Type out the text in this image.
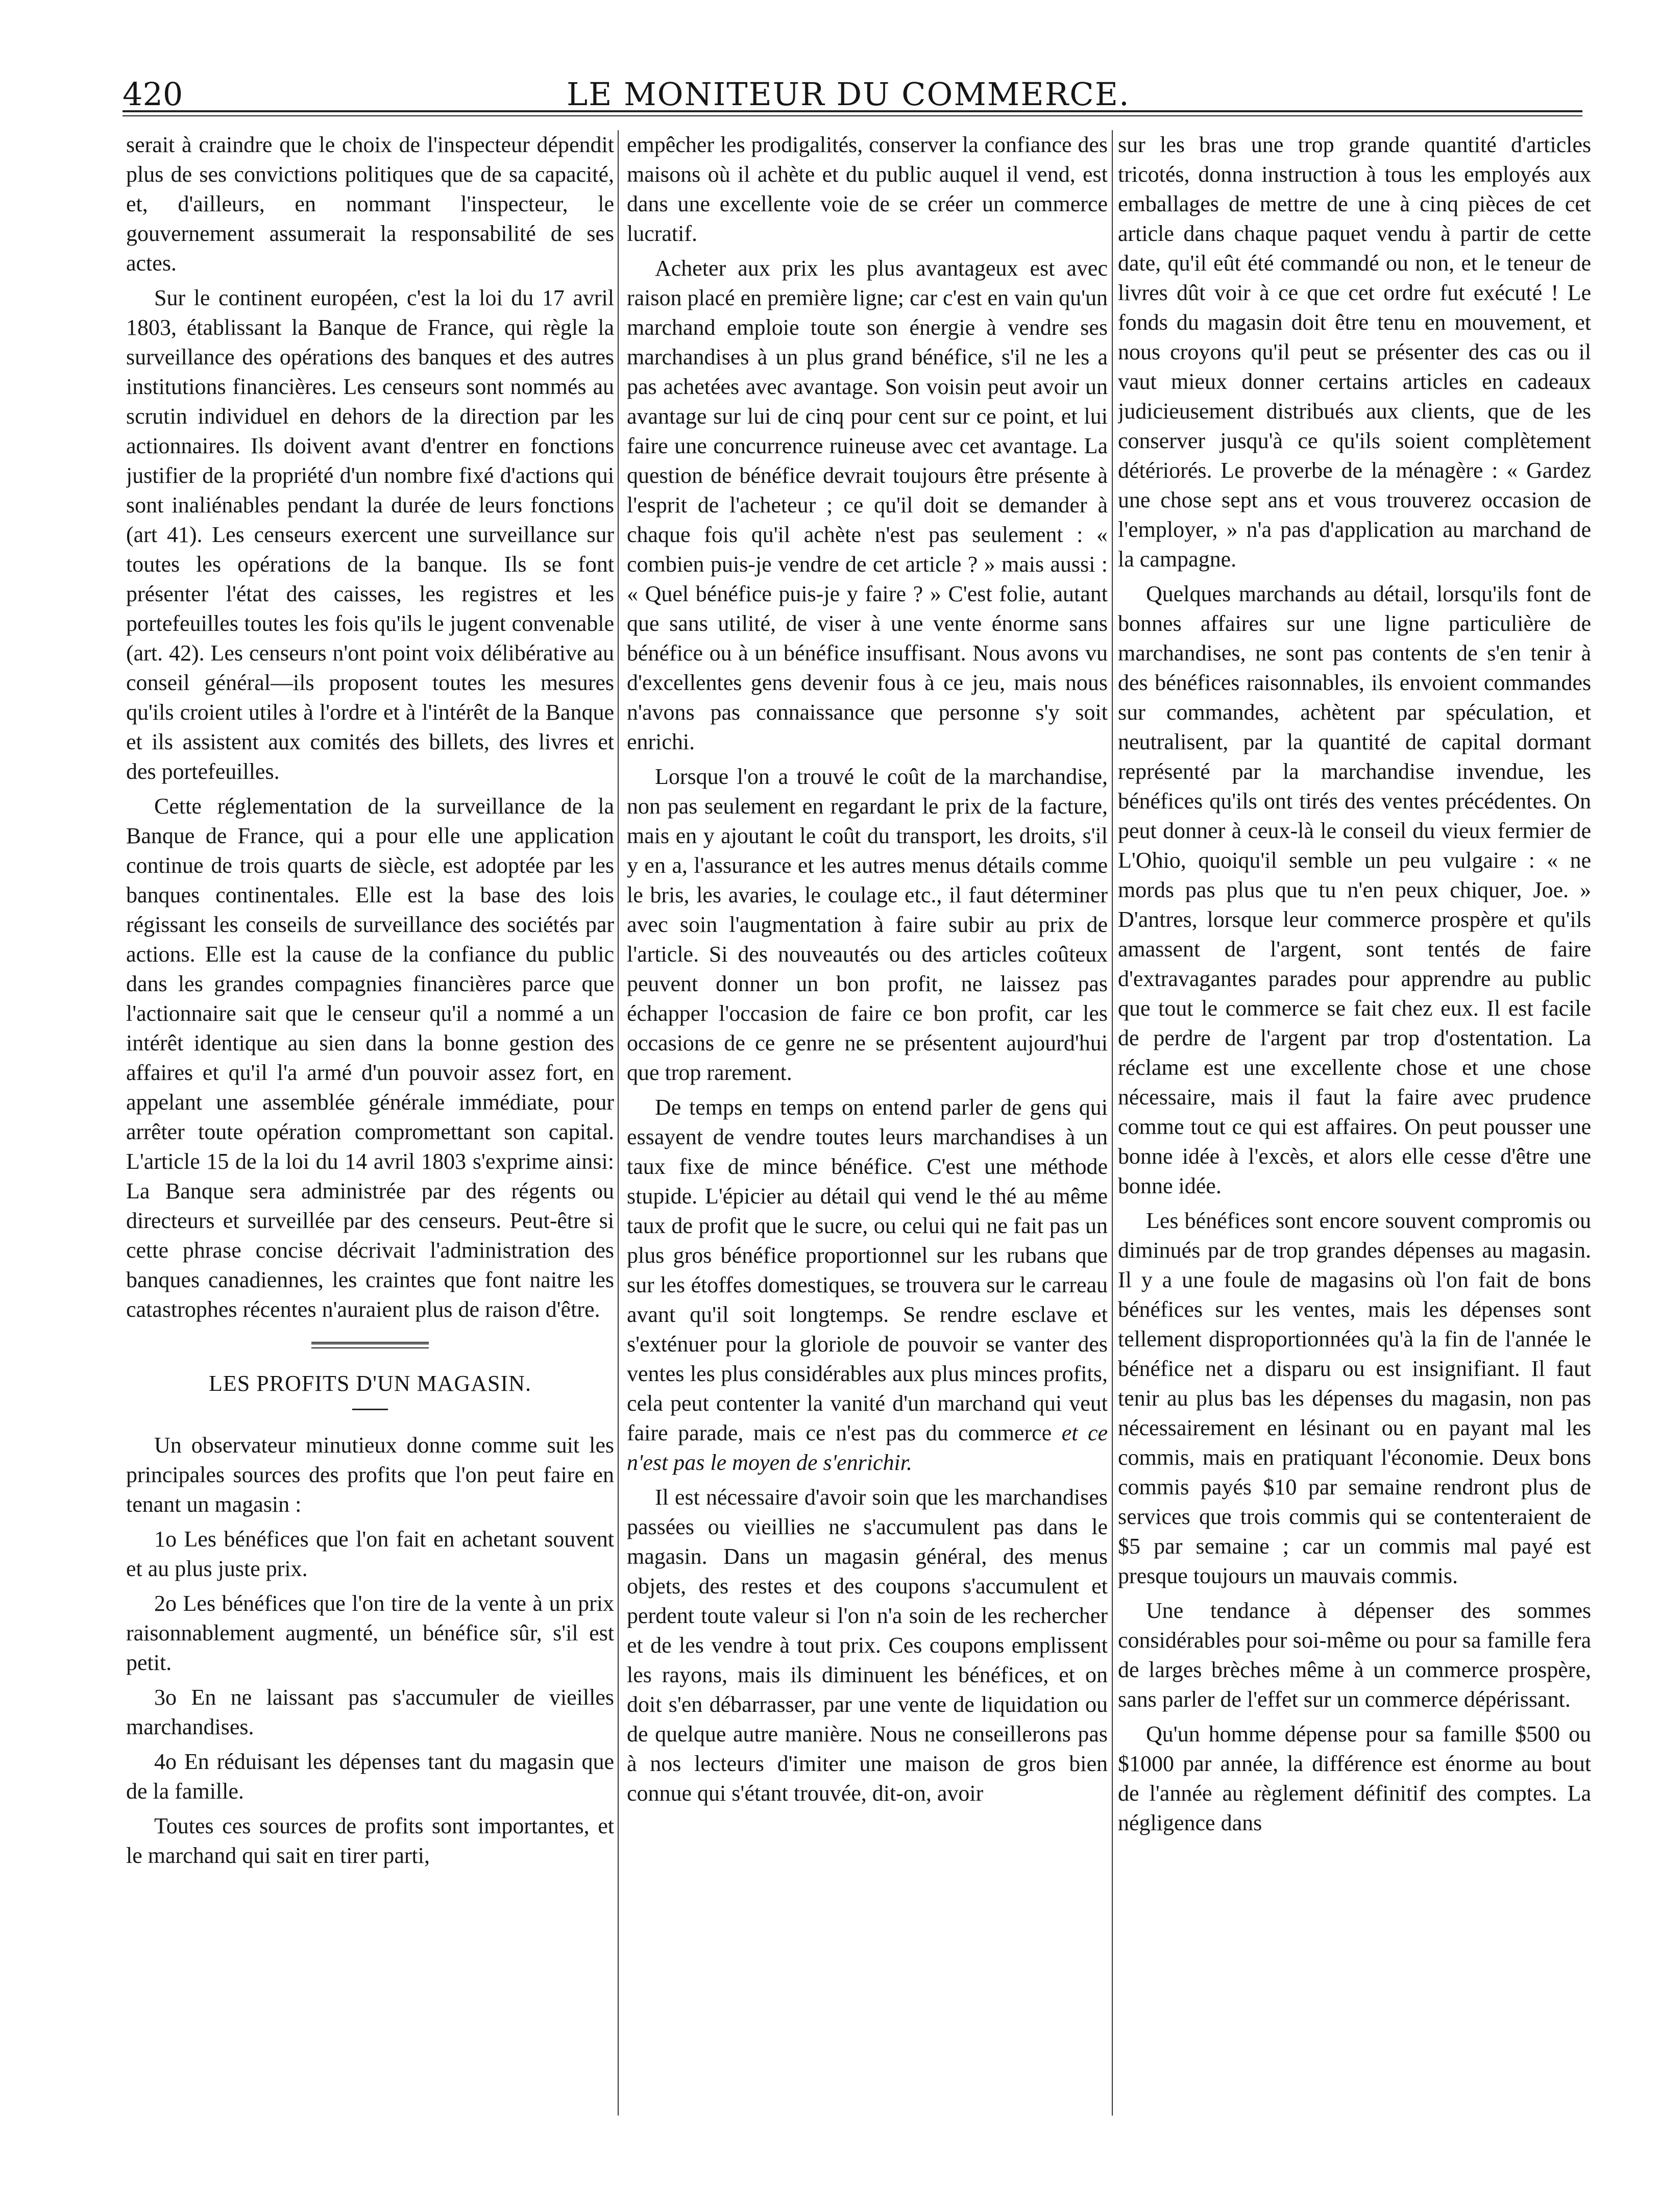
420	LE MONITEUR DU COMMERCE.

serait à craindre que le choix de l'inspecteur dépendit plus de ses convictions politiques que de sa capacité, et, d'ailleurs, en nommant l'inspecteur, le gouvernement assumerait la responsabilité de ses actes.

Sur le continent européen, c'est la loi du 17 avril 1803, établissant la Banque de France, qui règle la surveillance des opérations des banques et des autres institutions financières. Les censeurs sont nommés au scrutin individuel en dehors de la direction par les actionnaires. Ils doivent avant d'entrer en fonctions justifier de la propriété d'un nombre fixé d'actions qui sont inaliénables pendant la durée de leurs fonctions (art 41). Les censeurs exercent une surveillance sur toutes les opérations de la banque. Ils se font présenter l'état des caisses, les registres et les portefeuilles toutes les fois qu'ils le jugent convenable (art. 42). Les censeurs n'ont point voix délibérative au conseil général—ils proposent toutes les mesures qu'ils croient utiles à l'ordre et à l'intérêt de la Banque et ils assistent aux comités des billets, des livres et des portefeuilles.

Cette réglementation de la surveillance de la Banque de France, qui a pour elle une application continue de trois quarts de siècle, est adoptée par les banques continentales. Elle est la base des lois régissant les conseils de surveillance des sociétés par actions. Elle est la cause de la confiance du public dans les grandes compagnies financières parce que l'actionnaire sait que le censeur qu'il a nommé a un intérêt identique au sien dans la bonne gestion des affaires et qu'il l'a armé d'un pouvoir assez fort, en appelant une assemblée générale immédiate, pour arrêter toute opération compromettant son capital. L'article 15 de la loi du 14 avril 1803 s'exprime ainsi: La Banque sera administrée par des régents ou directeurs et surveillée par des censeurs. Peut-être si cette phrase concise décrivait l'administration des banques canadiennes, les craintes que font naitre les catastrophes récentes n'auraient plus de raison d'être.

LES PROFITS D'UN MAGASIN.

Un observateur minutieux donne comme suit les principales sources des profits que l'on peut faire en tenant un magasin :

1o Les bénéfices que l'on fait en achetant souvent et au plus juste prix.

2o Les bénéfices que l'on tire de la vente à un prix raisonnablement augmenté, un bénéfice sûr, s'il est petit.

3o En ne laissant pas s'accumuler de vieilles marchandises.

4o En réduisant les dépenses tant du magasin que de la famille.

Toutes ces sources de profits sont importantes, et le marchand qui sait en tirer parti,

empêcher les prodigalités, conserver la confiance des maisons où il achète et du public auquel il vend, est dans une excellente voie de se créer un commerce lucratif.

Acheter aux prix les plus avantageux est avec raison placé en première ligne; car c'est en vain qu'un marchand emploie toute son énergie à vendre ses marchandises à un plus grand bénéfice, s'il ne les a pas achetées avec avantage. Son voisin peut avoir un avantage sur lui de cinq pour cent sur ce point, et lui faire une concurrence ruineuse avec cet avantage. La question de bénéfice devrait toujours être présente à l'esprit de l'acheteur ; ce qu'il doit se demander à chaque fois qu'il achète n'est pas seulement : « combien puis-je vendre de cet article ? » mais aussi : « Quel bénéfice puis-je y faire ? » C'est folie, autant que sans utilité, de viser à une vente énorme sans bénéfice ou à un bénéfice insuffisant. Nous avons vu d'excellentes gens devenir fous à ce jeu, mais nous n'avons pas connaissance que personne s'y soit enrichi.

Lorsque l'on a trouvé le coût de la marchandise, non pas seulement en regardant le prix de la facture, mais en y ajoutant le coût du transport, les droits, s'il y en a, l'assurance et les autres menus détails comme le bris, les avaries, le coulage etc., il faut déterminer avec soin l'augmentation à faire subir au prix de l'article. Si des nouveautés ou des articles coûteux peuvent donner un bon profit, ne laissez pas échapper l'occasion de faire ce bon profit, car les occasions de ce genre ne se présentent aujourd'hui que trop rarement.

De temps en temps on entend parler de gens qui essayent de vendre toutes leurs marchandises à un taux fixe de mince bénéfice. C'est une méthode stupide. L'épicier au détail qui vend le thé au même taux de profit que le sucre, ou celui qui ne fait pas un plus gros bénéfice proportionnel sur les rubans que sur les étoffes domestiques, se trouvera sur le carreau avant qu'il soit longtemps. Se rendre esclave et s'exténuer pour la gloriole de pouvoir se vanter des ventes les plus considérables aux plus minces profits, cela peut contenter la vanité d'un marchand qui veut faire parade, mais ce n'est pas du commerce et ce n'est pas le moyen de s'enrichir.

Il est nécessaire d'avoir soin que les marchandises passées ou vieillies ne s'accumulent pas dans le magasin. Dans un magasin général, des menus objets, des restes et des coupons s'accumulent et perdent toute valeur si l'on n'a soin de les rechercher et de les vendre à tout prix. Ces coupons emplissent les rayons, mais ils diminuent les bénéfices, et on doit s'en débarrasser, par une vente de liquidation ou de quelque autre manière. Nous ne conseillerons pas à nos lecteurs d'imiter une maison de gros bien connue qui s'étant trouvée, dit-on, avoir

sur les bras une trop grande quantité d'articles tricotés, donna instruction à tous les employés aux emballages de mettre de une à cinq pièces de cet article dans chaque paquet vendu à partir de cette date, qu'il eût été commandé ou non, et le teneur de livres dût voir à ce que cet ordre fut exécuté ! Le fonds du magasin doit être tenu en mouvement, et nous croyons qu'il peut se présenter des cas ou il vaut mieux donner certains articles en cadeaux judicieusement distribués aux clients, que de les conserver jusqu'à ce qu'ils soient complètement détériorés. Le proverbe de la ménagère : « Gardez une chose sept ans et vous trouverez occasion de l'employer, » n'a pas d'application au marchand de la campagne.

Quelques marchands au détail, lorsqu'ils font de bonnes affaires sur une ligne particulière de marchandises, ne sont pas contents de s'en tenir à des bénéfices raisonnables, ils envoient commandes sur commandes, achètent par spéculation, et neutralisent, par la quantité de capital dormant représenté par la marchandise invendue, les bénéfices qu'ils ont tirés des ventes précédentes. On peut donner à ceux-là le conseil du vieux fermier de L'Ohio, quoiqu'il semble un peu vulgaire : « ne mords pas plus que tu n'en peux chiquer, Joe. » D'antres, lorsque leur commerce prospère et qu'ils amassent de l'argent, sont tentés de faire d'extravagantes parades pour apprendre au public que tout le commerce se fait chez eux. Il est facile de perdre de l'argent par trop d'ostentation. La réclame est une excellente chose et une chose nécessaire, mais il faut la faire avec prudence comme tout ce qui est affaires. On peut pousser une bonne idée à l'excès, et alors elle cesse d'être une bonne idée.

Les bénéfices sont encore souvent compromis ou diminués par de trop grandes dépenses au magasin. Il y a une foule de magasins où l'on fait de bons bénéfices sur les ventes, mais les dépenses sont tellement disproportionnées qu'à la fin de l'année le bénéfice net a disparu ou est insignifiant. Il faut tenir au plus bas les dépenses du magasin, non pas nécessairement en lésinant ou en payant mal les commis, mais en pratiquant l'économie. Deux bons commis payés $10 par semaine rendront plus de services que trois commis qui se contenteraient de $5 par semaine ; car un commis mal payé est presque toujours un mauvais commis.

Une tendance à dépenser des sommes considérables pour soi-même ou pour sa famille fera de larges brèches même à un commerce prospère, sans parler de l'effet sur un commerce dépérissant.

Qu'un homme dépense pour sa famille $500 ou $1000 par année, la différence est énorme au bout de l'année au règlement définitif des comptes. La négligence dans
